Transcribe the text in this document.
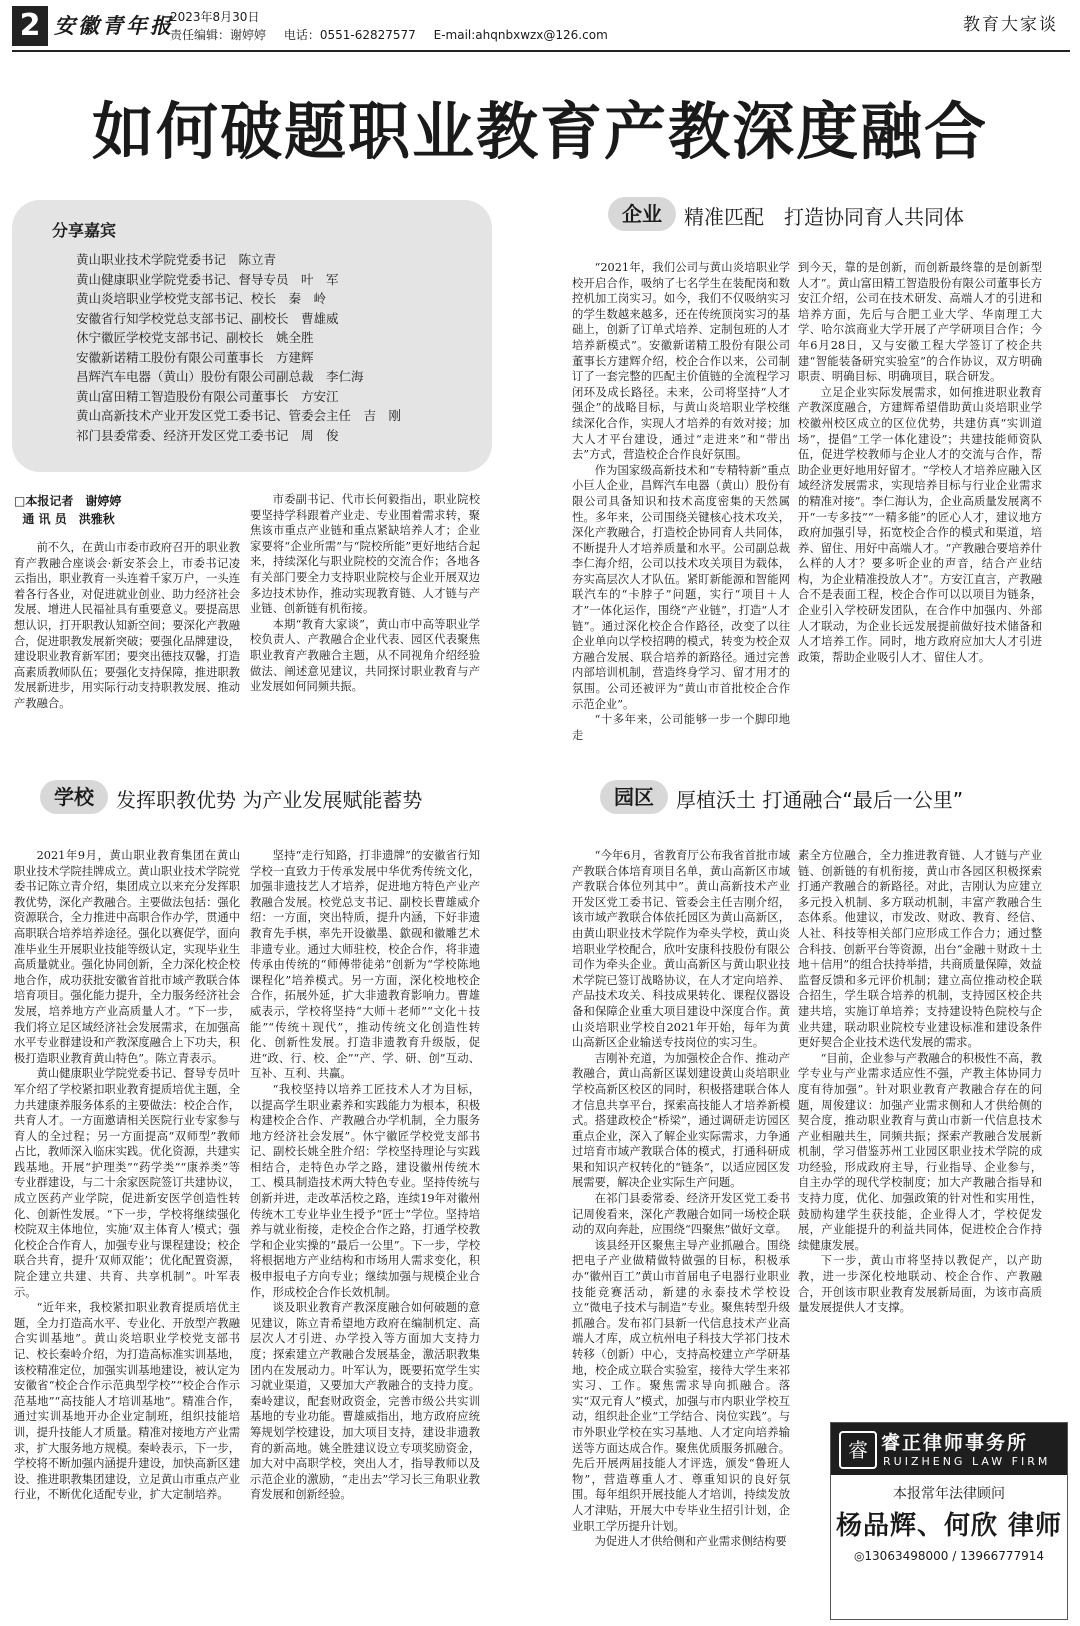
2 安徽青年报
2023年8月30日
责任编辑：谢婷婷 电话：0551-62827577 E-mail:ahqnbxwzx@126.com	教育大家谈
如何破题职业教育产教深度融合
分享嘉宾
黄山职业技术学院党委书记　陈立青
黄山健康职业学院党委书记、督导专员　叶　军
黄山炎培职业学校党支部书记、校长　秦　岭
安徽省行知学校党总支部书记、副校长　曹雄威
休宁徽匠学校党支部书记、副校长　姚全胜
安徽新诺精工股份有限公司董事长　方建辉
昌辉汽车电器（黄山）股份有限公司副总裁　李仁海
黄山富田精工智造股份有限公司董事长　方安江
黄山高新技术产业开发区党工委书记、管委会主任　吉　刚
祁门县委常委、经济开发区党工委书记　周　俊
□本报记者　谢婷婷
通 讯 员　洪雅秋

前不久，在黄山市委市政府召开的职业教育产教融合座谈会·新安茶会上，市委书记凌云指出，职业教育一头连着千家万户，一头连着各行各业，对促进就业创业、助力经济社会发展、增进人民福祉具有重要意义。要提高思想认识，打开职教认知新空间；要深化产教融合，促进职教发展新突破；要强化品牌建设，建设职业教育新军团；要突出德技双馨，打造高素质教师队伍；要强化支持保障，推进职教发展新进步，用实际行动支持职教发展、推动产教融合。

市委副书记、代市长何毅指出，职业院校要坚持学科跟着产业走、专业围着需求转，聚焦该市重点产业链和重点紧缺培养人才；企业家要将“企业所需”与“院校所能”更好地结合起来，持续深化与职业院校的交流合作；各地各有关部门要全力支持职业院校与企业开展双边多边技术协作，推动实现教育链、人才链与产业链、创新链有机衔接。

本期“教育大家谈”，黄山市中高等职业学校负责人、产教融合企业代表、园区代表聚焦职业教育产教融合主题，从不同视角介绍经验做法、阐述意见建议，共同探讨职业教育与产业发展如何同频共振。

企业	精准匹配　打造协同育人共同体

“2021年，我们公司与黄山炎培职业学校开启合作，吸纳了七名学生在装配岗和数控机加工岗实习。如今，我们不仅吸纳实习的学生数越来越多，还在传统顶岗实习的基础上，创新了订单式培养、定制包班的人才培养新模式”。安徽新诺精工股份有限公司董事长方建辉介绍，校企合作以来，公司制订了一套完整的匹配主价值链的全流程学习闭环及成长路径。未来，公司将坚持“人才强企”的战略目标，与黄山炎培职业学校继续深化合作，实现人才培养的有效对接；加大人才平台建设，通过“走进来”和“带出去”方式，营造校企合作良好氛围。

作为国家级高新技术和“专精特新”重点小巨人企业，昌辉汽车电器（黄山）股份有限公司具备知识和技术高度密集的天然属性。多年来，公司围绕关键核心技术攻关，深化产教融合，打造校企协同育人共同体，不断提升人才培养质量和水平。公司副总裁李仁海介绍，公司以技术攻关项目为载体，夯实高层次人才队伍。紧盯新能源和智能网联汽车的“卡脖子”问题，实行“项目＋人才”一体化运作，围绕“产业链”，打造“人才链”。通过深化校企合作路径，改变了以往企业单向以学校招聘的模式，转变为校企双方融合发展、联合培养的新路径。通过完善内部培训机制，营造终身学习、留才用才的氛围。公司还被评为“黄山市首批校企合作示范企业”。

“十多年来，公司能够一步一个脚印地走

到今天，靠的是创新，而创新最终靠的是创新型人才”。黄山富田精工智造股份有限公司董事长方安江介绍，公司在技术研发、高端人才的引进和培养方面，先后与合肥工业大学、华南理工大学、哈尔滨商业大学开展了产学研项目合作；今年6月28日，又与安徽工程大学签订了校企共建“智能装备研究实验室”的合作协议，双方明确职责、明确目标、明确项目，联合研发。

立足企业实际发展需求，如何推进职业教育产教深度融合，方建辉希望借助黄山炎培职业学校徽州校区成立的区位优势，共建仿真“实训道场”，提倡“工学一体化建设”；共建技能师资队伍，促进学校教师与企业人才的交流与合作，帮助企业更好地用好留才。“学校人才培养应融入区域经济发展需求，实现培养目标与行业企业需求的精准对接”。李仁海认为，企业高质量发展离不开“一专多技”“一精多能”的匠心人才，建议地方政府加强引导，拓宽校企合作的模式和渠道，培养、留住、用好中高端人才。“产教融合要培养什么样的人才？要多听企业的声音，结合产业结构，为企业精准投放人才”。方安江直言，产教融合不是表面工程，校企合作可以以项目为链条，企业引入学校研发团队，在合作中加强内、外部人才联动，为企业长远发展提前做好技术储备和人才培养工作。同时，地方政府应加大人才引进政策，帮助企业吸引人才、留住人才。

学校	发挥职教优势 为产业发展赋能蓄势

2021年9月，黄山职业教育集团在黄山职业技术学院挂牌成立。黄山职业技术学院党委书记陈立青介绍，集团成立以来充分发挥职教优势，深化产教融合。主要做法包括：强化资源联合，全力推进中高职合作办学，贯通中高职联合培养培养途径。强化以赛促学，面向准毕业生开展职业技能等级认定，实现毕业生高质量就业。强化协同创新，全力深化校企校地合作，成功获批安徽省首批市域产教联合体培育项目。强化能力提升，全力服务经济社会发展，培养地方产业高质量人才。“下一步，我们将立足区域经济社会发展需求，在加强高水平专业群建设和产教深度融合上下功夫，积极打造职业教育黄山特色”。陈立青表示。

黄山健康职业学院党委书记、督导专员叶军介绍了学校紧扣职业教育提质培优主题，全力共建康养服务体系的主要做法：校企合作，共育人才。一方面邀请相关医院行业专家参与育人的全过程；另一方面提高“双师型”教师占比，教师深入临床实践。优化资源，共建实践基地。开展“护理类”“药学类”“康养类”等专业群建设，与二十余家医院签订共建协议，成立医药产业学院，促进新安医学创造性转化、创新性发展。“下一步，学校将继续强化校院双主体地位，实施‘双主体育人’模式；强化校企合作育人，加强专业与课程建设；校企联合共育，提升‘双师双能’；优化配置资源，院企建立共建、共育、共享机制”。叶军表示。

“近年来，我校紧扣职业教育提质培优主题，全力打造高水平、专业化、开放型产教融合实训基地”。黄山炎培职业学校党支部书记、校长秦岭介绍，为打造高标准实训基地，该校精准定位，加强实训基地建设，被认定为安徽省“校企合作示范典型学校”“校企合作示范基地”“高技能人才培训基地”。精准合作，通过实训基地开办企业定制班，组织技能培训，提升技能人才质量。精准对接地方产业需求，扩大服务地方规模。秦岭表示，下一步，学校将不断加强内涵提升建设，加快高新区建设、推进职教集团建设，立足黄山市重点产业行业，不断优化适配专业，扩大定制培养。

坚持“走行知路，打非遗牌”的安徽省行知学校一直致力于传承发展中华优秀传统文化，加强非遗技艺人才培养，促进地方特色产业产教融合发展。校党总支书记、副校长曹雄威介绍：一方面，突出特质，提升内涵，下好非遗教育先手棋，率先开设徽墨、歙砚和徽雕艺术非遗专业。通过大师驻校，校企合作，将非遗传承由传统的“师傅带徒弟”创新为“学校陈地课程化”培养模式。另一方面，深化校地校企合作，拓展外延，扩大非遗教育影响力。曹雄威表示，学校将坚持“大师＋老师”“文化＋技能”“传统＋现代”，推动传统文化创造性转化、创新性发展。打造非遗教育升级版，促进“政、行、校、企”“产、学、研、创”互动、互补、互利、共赢。

“我校坚持以培养工匠技术人才为目标，以提高学生职业素养和实践能力为根本，积极构建校企合作、产教融合办学机制，全力服务地方经济社会发展”。休宁徽匠学校党支部书记、副校长姚全胜介绍：学校坚持理论与实践相结合，走特色办学之路，建设徽州传统木工、模具制造技术两大特色专业。坚持传统与创新并进，走改革活校之路，连续19年对徽州传统木工专业毕业生授予“匠士”学位。坚持培养与就业衔接，走校企合作之路，打通学校教学和企业实操的“最后一公里”。下一步，学校将根据地方产业结构和市场用人需求变化，积极申报电子方向专业；继续加强与规模企业合作，形成校企合作长效机制。

谈及职业教育产教深度融合如何破题的意见建议，陈立青希望地方政府在编制机定、高层次人才引进、办学投入等方面加大支持力度；探索建立产教融合发展基金，激活职教集团内在发展动力。叶军认为，既要拓宽学生实习就业渠道，又要加大产教融合的支持力度。秦岭建议，配套财政资金，完善市级公共实训基地的专业功能。曹雄威指出，地方政府应统筹规划学校建设，加大项目支持，建设非遗教育的新高地。姚全胜建议设立专项奖励资金，加大对中高职学校，突出人才，指导教师以及示范企业的激励，“走出去”学习长三角职业教育发展和创新经验。

园区	厚植沃土 打通融合“最后一公里”

“今年6月，省教育厅公布我省首批市域产教联合体培育项目名单，黄山高新区市域产教联合体位列其中”。黄山高新技术产业开发区党工委书记、管委会主任吉刚介绍，该市域产教联合体依托园区为黄山高新区，由黄山职业技术学院作为牵头学校，黄山炎培职业学校配合，欣叶安康科技股份有限公司作为牵头企业。黄山高新区与黄山职业技术学院已签订战略协议，在人才定向培养、产品技术攻关、科技成果转化、课程仪器设备和保障企业重大项目建设中深度合作。黄山炎培职业学校自2021年开始，每年为黄山高新区企业输送专技岗位的实习生。

吉刚补充道，为加强校企合作、推动产教融合，黄山高新区谋划建设黄山炎培职业学校高新区校区的同时，积极搭建联合体人才信息共享平台，探索高技能人才培养新模式。搭建政校企“桥梁”，通过调研走访园区重点企业，深入了解企业实际需求，力争通过培育市域产教联合体的模式，打通科研成果和知识产权转化的“链条”，以适应园区发展需要，解决企业实际生产问题。

在祁门县委常委、经济开发区党工委书记周俊看来，深化产教融合如同一场校企联动的双向奔赴，应围绕“四聚焦”做好文章。

该县经开区聚焦主导产业抓融合。围绕把电子产业做精做特做强的目标，积极承办“徽州百工”黄山市首届电子电器行业职业技能竞赛活动，新建的永泰技术学校设立“微电子技术与制造”专业。聚焦转型升级抓融合。发布祁门县新一代信息技术产业高端人才库，成立杭州电子科技大学祁门技术转移（创新）中心，支持高校建立产学研基地，校企成立联合实验室，接待大学生来祁实习、工作。聚焦需求导向抓融合。落实“双元育人”模式，加强与市内职业学校互动，组织赴企业“工学结合、岗位实践”。与市外职业学校在实习基地、人才定向培养输送等方面达成合作。聚焦优质服务抓融合。先后开展两届技能人才评选，颁发“鲁班人物”，营造尊重人才、尊重知识的良好氛围。每年组织开展技能人才培训，持续发放人才津贴，开展大中专毕业生招引计划，企业职工学历提升计划。

为促进人才供给侧和产业需求侧结构要

素全方位融合，全力推进教育链、人才链与产业链、创新链的有机衔接，黄山市各园区积极探索打通产教融合的新路径。对此，吉刚认为应建立多元投入机制、多方联动机制，丰富产教融合生态体系。他建议，市发改、财政、教育、经信、人社、科技等相关部门应形成工作合力；通过整合科技、创新平台等资源，出台“金融＋财政＋土地＋信用”的组合扶持举措，共商质量保障，效益监督反馈和多元评价机制；建立高位推动校企联合招生，学生联合培养的机制，支持园区校企共建共培，实施订单培养；支持建设特色院校与企业共建，联动职业院校专业建设标准和建设条件更好契合企业技术迭代发展的需求。

“目前，企业参与产教融合的积极性不高，教学专业与产业需求适应性不强，产教主体协同力度有待加强”。针对职业教育产教融合存在的问题，周俊建议：加强产业需求侧和人才供给侧的契合度，推动职业教育与黄山市新一代信息技术产业相融共生，同频共振；探索产教融合发展新机制，学习借鉴苏州工业园区职业技术学院的成功经验，形成政府主导，行业指导、企业参与，自主办学的现代学校制度；加大产教融合指导和支持力度，优化、加强政策的针对性和实用性，鼓励构建学生获技能，企业得人才，学校促发展，产业能提升的利益共同体，促进校企合作持续健康发展。

下一步，黄山市将坚持以教促产，以产助教，进一步深化校地联动、校企合作、产教融合，开创该市职业教育发展新局面，为该市高质量发展提供人才支撑。

睿 睿正律师事务所
RUIZHENG LAW FIRM
本报常年法律顾问
杨品辉、何欣 律师
◎13063498000 / 13966777914
